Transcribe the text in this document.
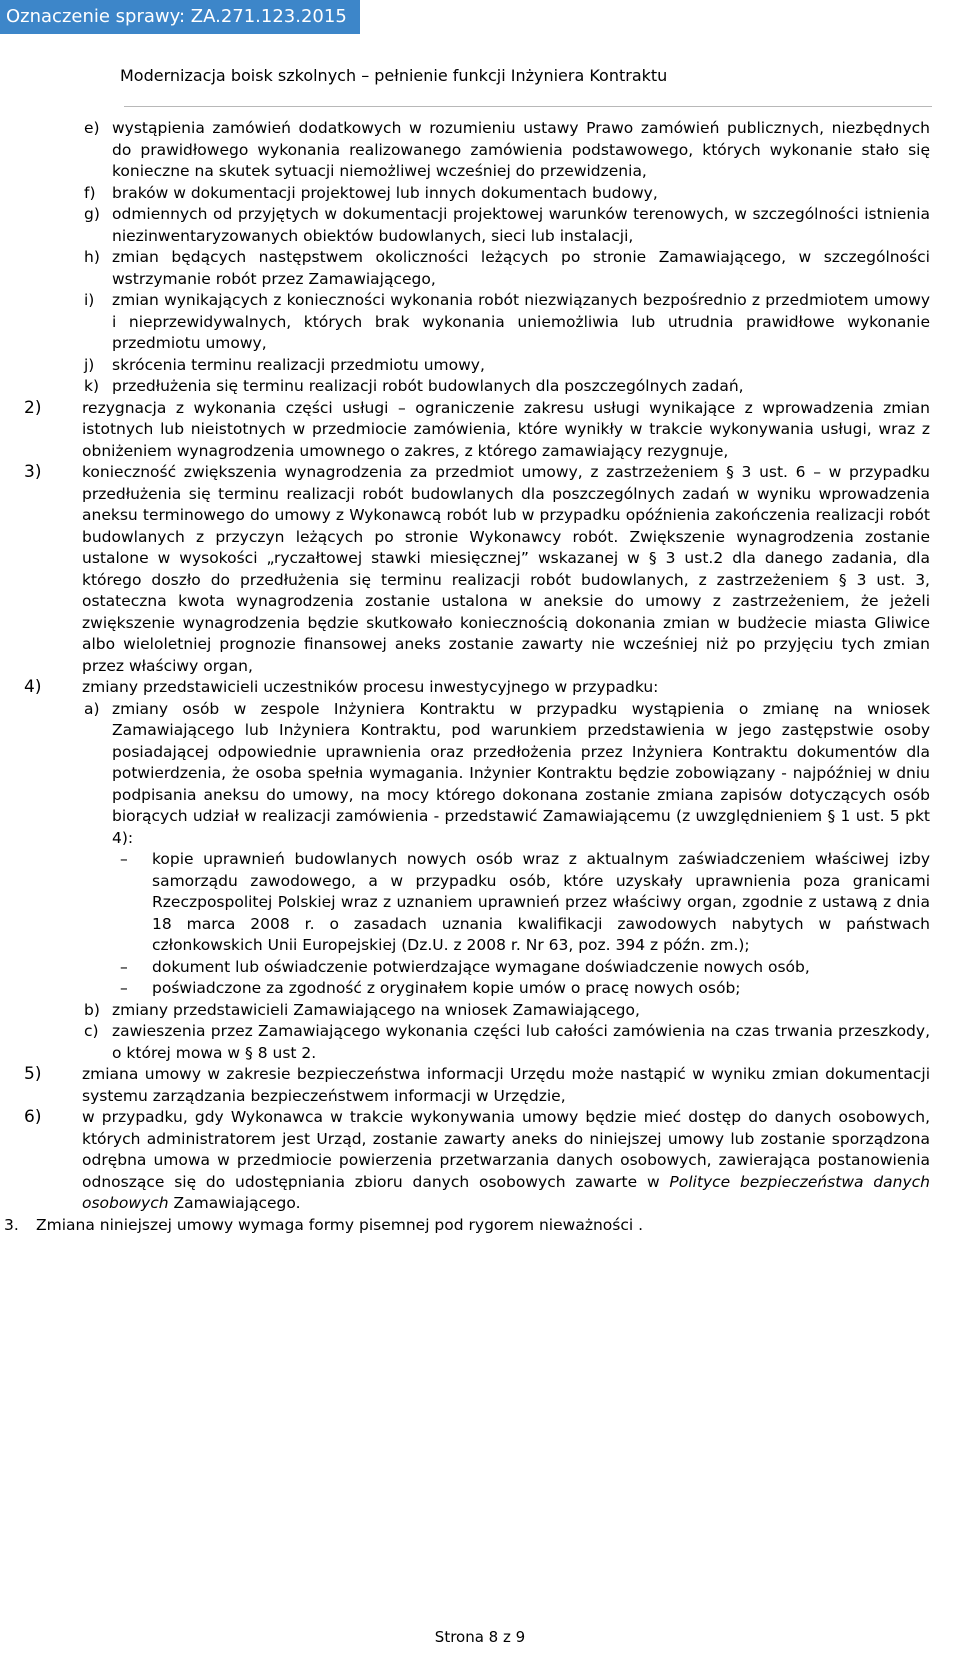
Oznaczenie sprawy: ZA.271.123.2015
Modernizacja boisk szkolnych – pełnienie funkcji Inżyniera Kontraktu
e) wystąpienia zamówień dodatkowych w rozumieniu ustawy Prawo zamówień publicznych, niezbędnych do prawidłowego wykonania realizowanego zamówienia podstawowego, których wykonanie stało się konieczne na skutek sytuacji niemożliwej wcześniej do przewidzenia,
f) braków w dokumentacji projektowej lub innych dokumentach budowy,
g) odmiennych od przyjętych w dokumentacji projektowej warunków terenowych, w szczególności istnienia niezinwentaryzowanych obiektów budowlanych, sieci lub instalacji,
h) zmian będących następstwem okoliczności leżących po stronie Zamawiającego, w szczególności wstrzymanie robót przez Zamawiającego,
i) zmian wynikających z konieczności wykonania robót niezwiązanych bezpośrednio z przedmiotem umowy i nieprzewidywalnych, których brak wykonania uniemożliwia lub utrudnia prawidłowe wykonanie przedmiotu umowy,
j) skrócenia terminu realizacji przedmiotu umowy,
k) przedłużenia się terminu realizacji robót budowlanych dla poszczególnych zadań,
2)	rezygnacja z wykonania części usługi – ograniczenie zakresu usługi wynikające z wprowadzenia zmian istotnych lub nieistotnych w przedmiocie zamówienia, które wynikły w trakcie wykonywania usługi, wraz z obniżeniem wynagrodzenia umownego o zakres, z którego zamawiający rezygnuje,
3)	konieczność zwiększenia wynagrodzenia za przedmiot umowy, z zastrzeżeniem § 3 ust. 6 – w przypadku przedłużenia się terminu realizacji robót budowlanych dla poszczególnych zadań w wyniku wprowadzenia aneksu terminowego do umowy z Wykonawcą robót lub w przypadku opóźnienia zakończenia realizacji robót budowlanych z przyczyn leżących po stronie Wykonawcy robót. Zwiększenie wynagrodzenia zostanie ustalone w wysokości „ryczałtowej stawki miesięcznej” wskazanej w § 3 ust.2 dla danego zadania, dla którego doszło do przedłużenia się terminu realizacji robót budowlanych, z zastrzeżeniem § 3 ust. 3, ostateczna kwota wynagrodzenia zostanie ustalona w aneksie do umowy z zastrzeżeniem, że jeżeli zwiększenie wynagrodzenia będzie skutkowało koniecznością dokonania zmian w budżecie miasta Gliwice albo wieloletniej prognozie finansowej aneks zostanie zawarty nie wcześniej niż po przyjęciu tych zmian przez właściwy organ,
4)	zmiany przedstawicieli uczestników procesu inwestycyjnego w przypadku:
a) zmiany osób w zespole Inżyniera Kontraktu w przypadku wystąpienia o zmianę na wniosek Zamawiającego lub Inżyniera Kontraktu, pod warunkiem przedstawienia w jego zastępstwie osoby posiadającej odpowiednie uprawnienia oraz przedłożenia przez Inżyniera Kontraktu dokumentów dla potwierdzenia, że osoba spełnia wymagania. Inżynier Kontraktu będzie zobowiązany - najpóźniej w dniu podpisania aneksu do umowy, na mocy którego dokonana zostanie zmiana zapisów dotyczących osób biorących udział w realizacji zamówienia - przedstawić Zamawiającemu (z uwzględnieniem § 1 ust. 5 pkt 4):
– kopie uprawnień budowlanych nowych osób wraz z aktualnym zaświadczeniem właściwej izby samorządu zawodowego, a w przypadku osób, które uzyskały uprawnienia poza granicami Rzeczpospolitej Polskiej wraz z uznaniem uprawnień przez właściwy organ, zgodnie z ustawą z dnia 18 marca 2008 r. o zasadach uznania kwalifikacji zawodowych nabytych w państwach członkowskich Unii Europejskiej (Dz.U. z 2008 r. Nr 63, poz. 394 z późn. zm.);
– dokument lub oświadczenie potwierdzające wymagane doświadczenie nowych osób,
– poświadczone za zgodność z oryginałem kopie umów o pracę nowych osób;
b) zmiany przedstawicieli Zamawiającego na wniosek Zamawiającego,
c) zawieszenia przez Zamawiającego wykonania części lub całości zamówienia na czas trwania przeszkody, o której mowa w § 8 ust 2.
5)	zmiana umowy w zakresie bezpieczeństwa informacji Urzędu może nastąpić w wyniku zmian dokumentacji systemu zarządzania bezpieczeństwem informacji w Urzędzie,
6)	w przypadku, gdy Wykonawca w trakcie wykonywania umowy będzie mieć dostęp do danych osobowych, których administratorem jest Urząd, zostanie zawarty aneks do niniejszej umowy lub zostanie sporządzona odrębna umowa w przedmiocie powierzenia przetwarzania danych osobowych, zawierająca postanowienia odnoszące się do udostępniania zbioru danych osobowych zawarte w Polityce bezpieczeństwa danych osobowych Zamawiającego.
3. Zmiana niniejszej umowy wymaga formy pisemnej pod rygorem nieważności .
Strona 8 z 9
